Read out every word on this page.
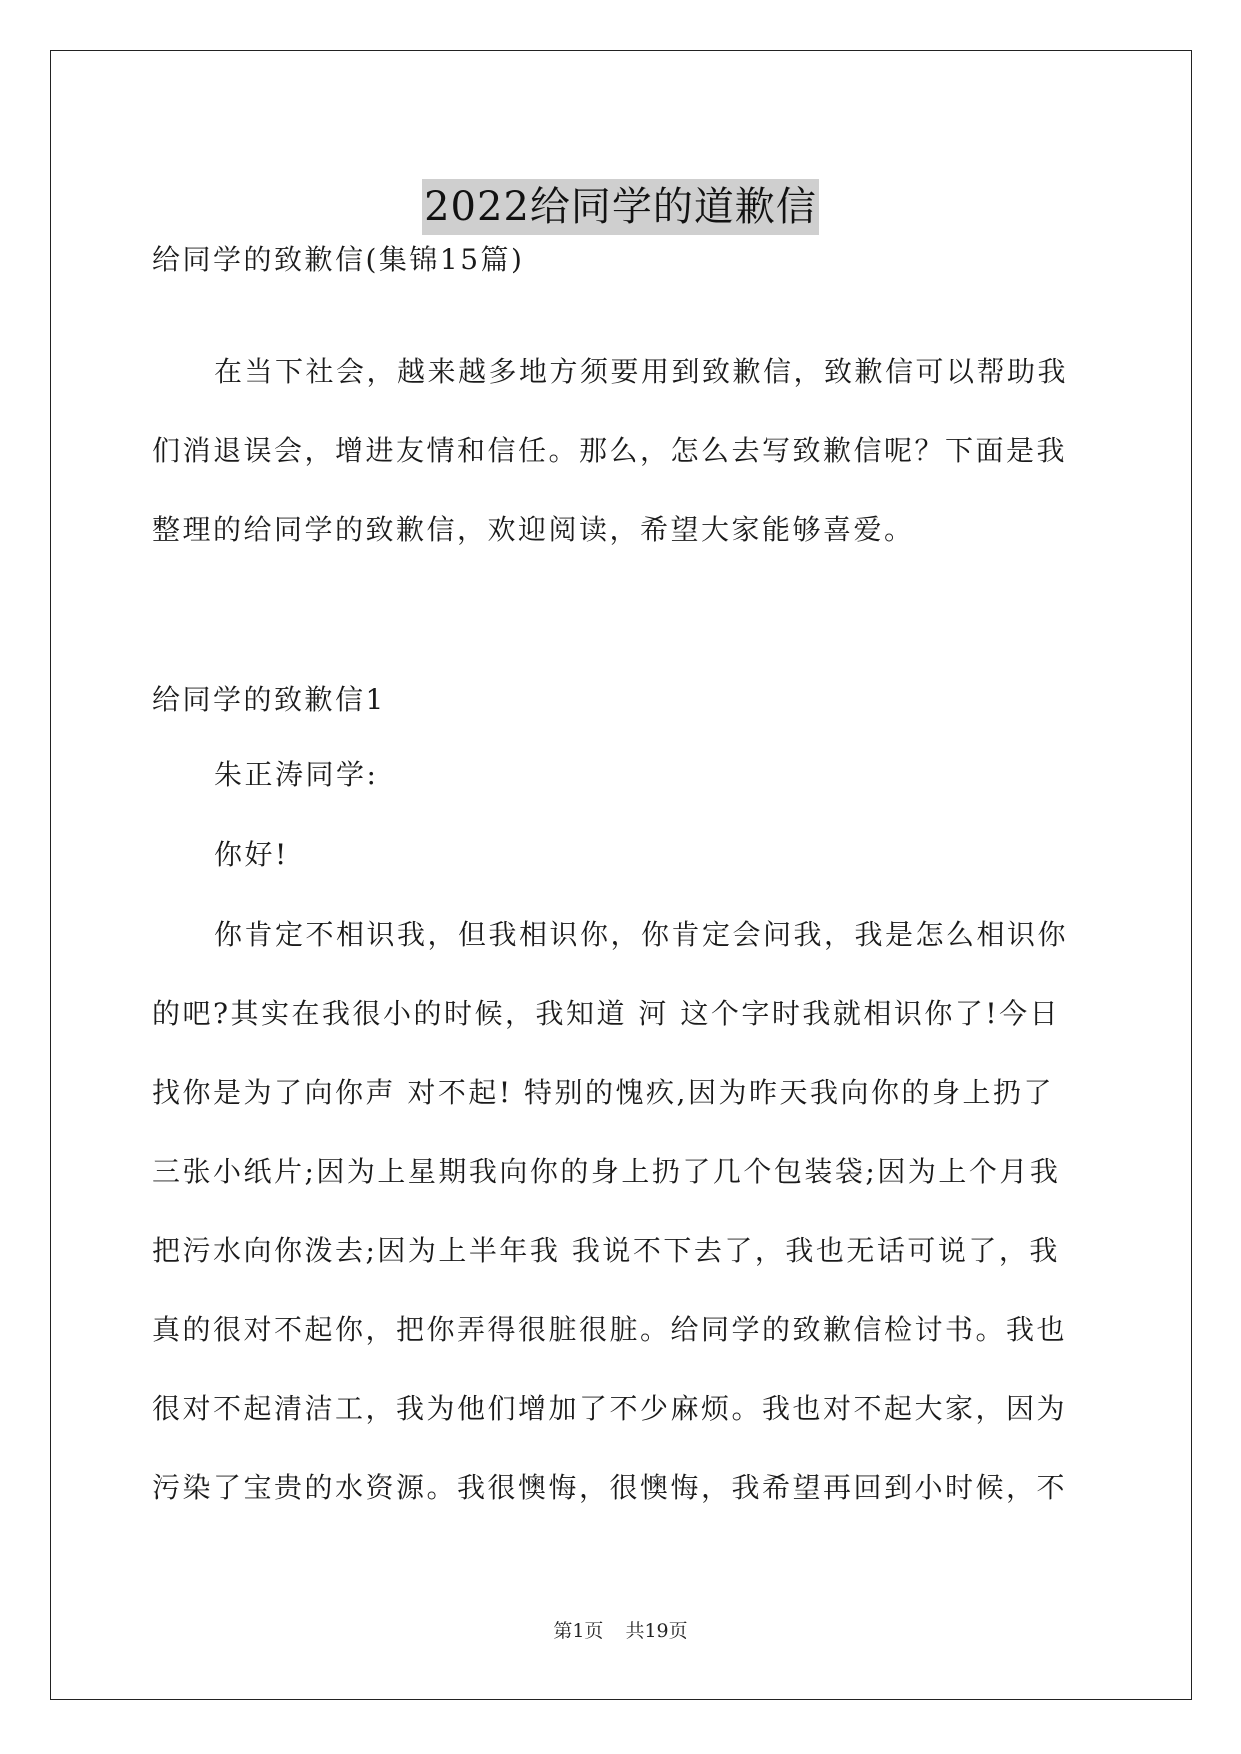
2022给同学的道歉信

给同学的致歉信(集锦15篇)

在当下社会，越来越多地方须要用到致歉信，致歉信可以帮助我
们消退误会，增进友情和信任。那么，怎么去写致歉信呢？下面是我
整理的给同学的致歉信，欢迎阅读，希望大家能够喜爱。

给同学的致歉信1

朱正涛同学:

你好!

你肯定不相识我，但我相识你，你肯定会问我，我是怎么相识你
的吧?其实在我很小的时候，我知道 河 这个字时我就相识你了!今日
找你是为了向你声 对不起! 特别的愧疚,因为昨天我向你的身上扔了
三张小纸片;因为上星期我向你的身上扔了几个包装袋;因为上个月我
把污水向你泼去;因为上半年我 我说不下去了，我也无话可说了，我
真的很对不起你，把你弄得很脏很脏。给同学的致歉信检讨书。我也
很对不起清洁工，我为他们增加了不少麻烦。我也对不起大家，因为
污染了宝贵的水资源。我很懊悔，很懊悔，我希望再回到小时候，不
第1页 共19页
